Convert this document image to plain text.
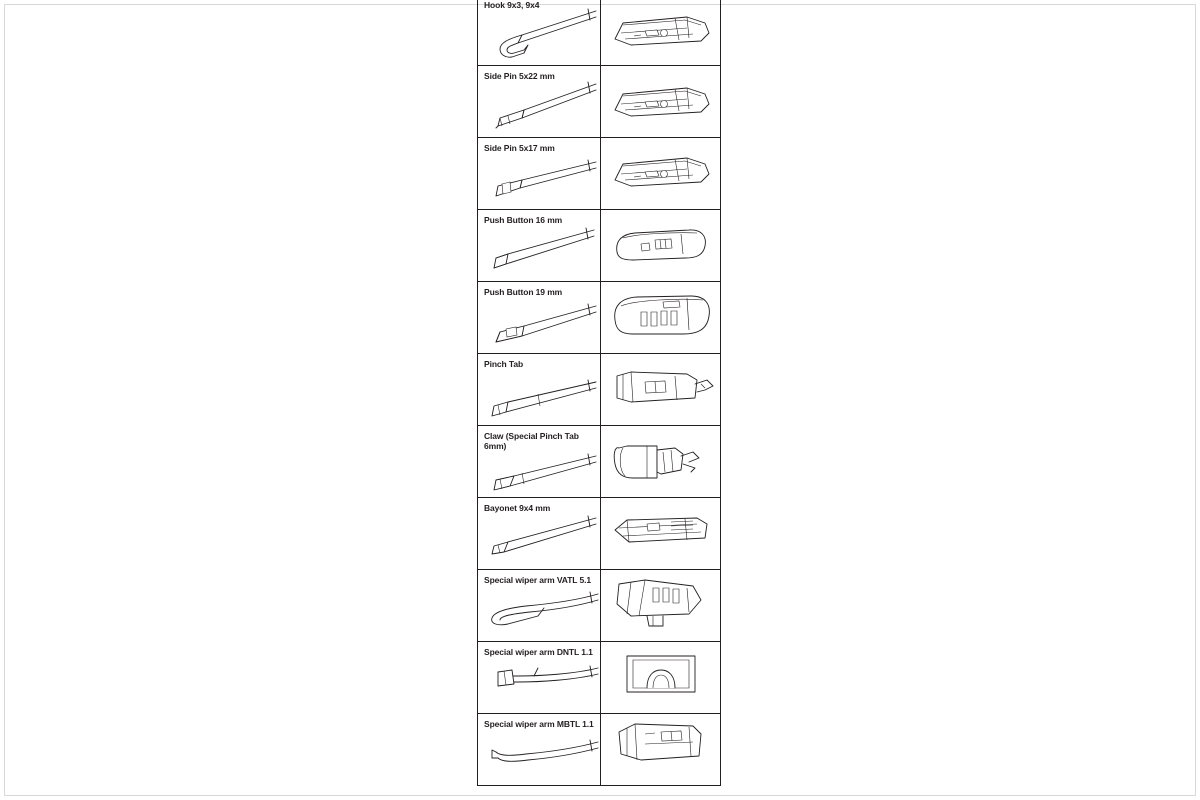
Hook 9x3, 9x4
Side Pin 5x22 mm
Side Pin 5x17 mm
Push Button 16 mm
Push Button 19 mm
Pinch Tab
Claw (Special Pinch Tab 6mm)
Bayonet 9x4 mm
Special wiper arm VATL 5.1
Special wiper arm DNTL 1.1
Special wiper arm MBTL 1.1
